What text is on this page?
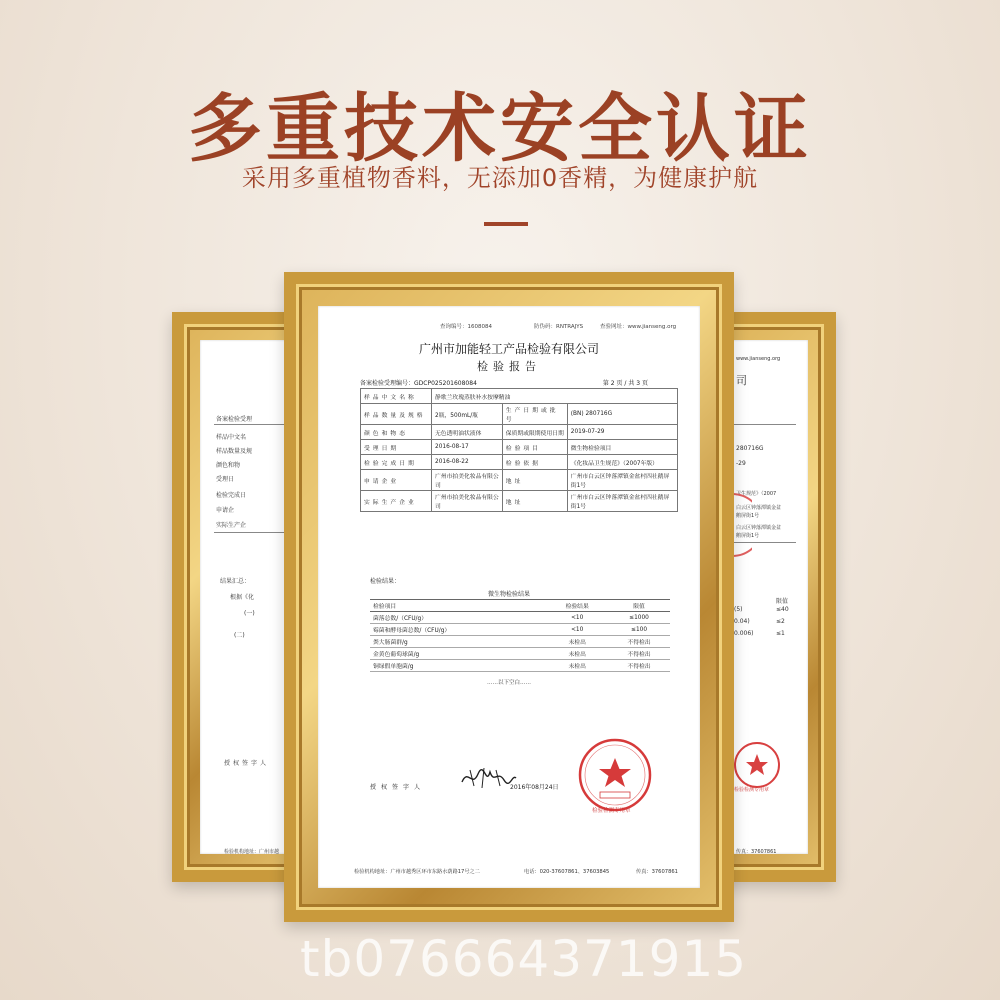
多重技术安全认证
采用多重植物香料，无添加0香精，为健康护航
备案检验受理
样品中文名
样品数量及规
颜色和物
受理日
检验完成日
申请企
实际生产企
结果汇总：
根据《化
(一)
(二)
授权签字人
检验机构地址：广州市越
www.jianseng.org
司
280716G
-29
卫生规范》（2007
白云区钟落潭镇金盆
鹅屏街1号
白云区钟落潭镇金盆
鹅屏街1号
限值
(5)	≤40
0.04)	≤2
0.006)	≤1
检验检测专用章
传真：37607861
查询编号：1608084	防伪码：RNTRAJYS	查验网址：www.jianseng.org
广州市加能轻工产品检验有限公司
检验报告
备案检验受理编号：GDCP025201608084	第 2 页 / 共 3 页
样品中文名称	静歌兰玫瑰蒸肤补水按摩精油		
样品数量及规格	2瓶，500mL/瓶	生产日期或批号	(BN) 280716G
颜色和物态	无色透明油状液体	保质期或限期使用日期	2019-07-29
受理日期	2016-08-17	检验项目	微生物检验项目
检验完成日期	2016-08-22	检验依据	《化妆品卫生规范》（2007年版）
申请企业	广州市拍美化妆品有限公司	地址	广州市白云区钟落潭镇金盆村四社鹅屏街1号
实际生产企业	广州市拍美化妆品有限公司	地址	广州市白云区钟落潭镇金盆村四社鹅屏街1号
检验结果：
微生物检验结果
检验项目	检验结果	限值
菌落总数/（CFU/g）	<10	≤1000
霉菌和酵母菌总数/（CFU/g）	<10	≤100
粪大肠菌群/g	未检出	不得检出
金黄色葡萄球菌/g	未检出	不得检出
铜绿假单胞菌/g	未检出	不得检出
……以下空白……
授权签字人	2016年08月24日
检验检测专用章
检验机构地址：广州市越秀区环市东路水荫路17号之二	电话：020-37607861、37603845	传真：37607861
tb07666437191​5
